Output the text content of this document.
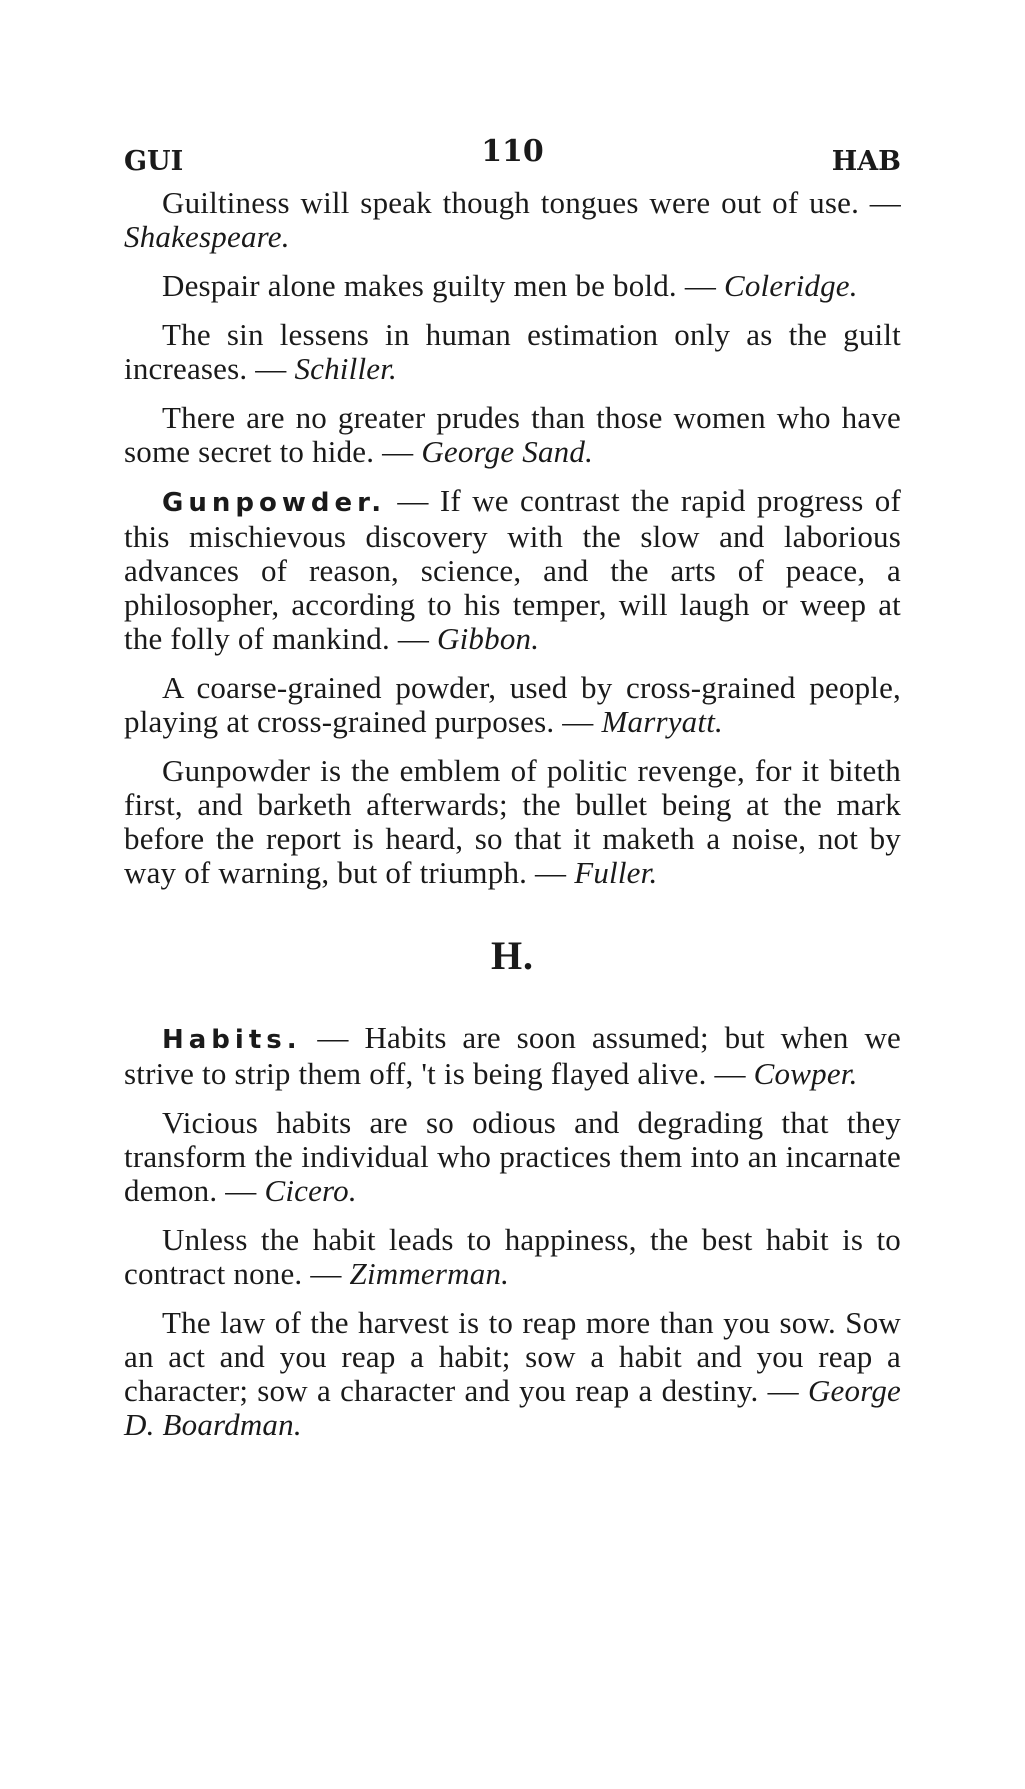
GUI	110	HAB

Guiltiness will speak though tongues were out of use. — Shakespeare.

Despair alone makes guilty men be bold. — Coleridge.

The sin lessens in human estimation only as the guilt increases. — Schiller.

There are no greater prudes than those women who have some secret to hide. — George Sand.

Gunpowder. — If we contrast the rapid progress of this mischievous discovery with the slow and laborious advances of reason, science, and the arts of peace, a philosopher, according to his temper, will laugh or weep at the folly of mankind. — Gibbon.

A coarse-grained powder, used by cross-grained people, playing at cross-grained purposes. — Marryatt.

Gunpowder is the emblem of politic revenge, for it biteth first, and barketh afterwards; the bullet being at the mark before the report is heard, so that it maketh a noise, not by way of warning, but of triumph. — Fuller.

H.

Habits. — Habits are soon assumed; but when we strive to strip them off, 't is being flayed alive. — Cowper.

Vicious habits are so odious and degrading that they transform the individual who practices them into an incarnate demon. — Cicero.

Unless the habit leads to happiness, the best habit is to contract none. — Zimmerman.

The law of the harvest is to reap more than you sow. Sow an act and you reap a habit; sow a habit and you reap a character; sow a character and you reap a destiny. — George D. Boardman.
